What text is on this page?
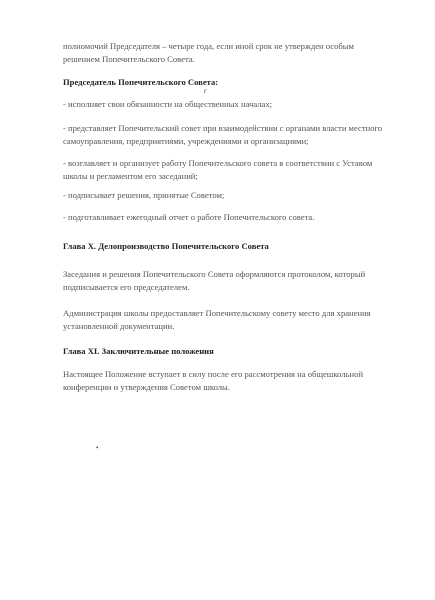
полномочий Председателя – четыре года, если иной срок не утвержден особым
решением Попечительского Совета.
Председатель Попечительского Совета:
г
- исполняет свои обязанности на общественных началах;
- представляет Попечительский совет при взаимодействии с органами власти местного самоуправления, предприятиями, учреждениями и организациями;
- возглавляет и организует работу Попечительского совета в соответствии с Уставом школы и регламентом его заседаний;
- подписывает решения, принятые Советом;
- подготавливает ежегодный отчет о работе Попечительского совета.
Глава X. Делопроизводство Попечительского Совета
Заседания и решения Попечительского Совета оформляются протоколом, который подписывается его председателем.
Администрация школы предоставляет Попечительскому совету место для хранения установленной документации.
Глава XI. Заключительные положения
Настоящее Положение вступает в силу после его рассмотрения на общешкольной конференции и утверждения Советом школы.
•
